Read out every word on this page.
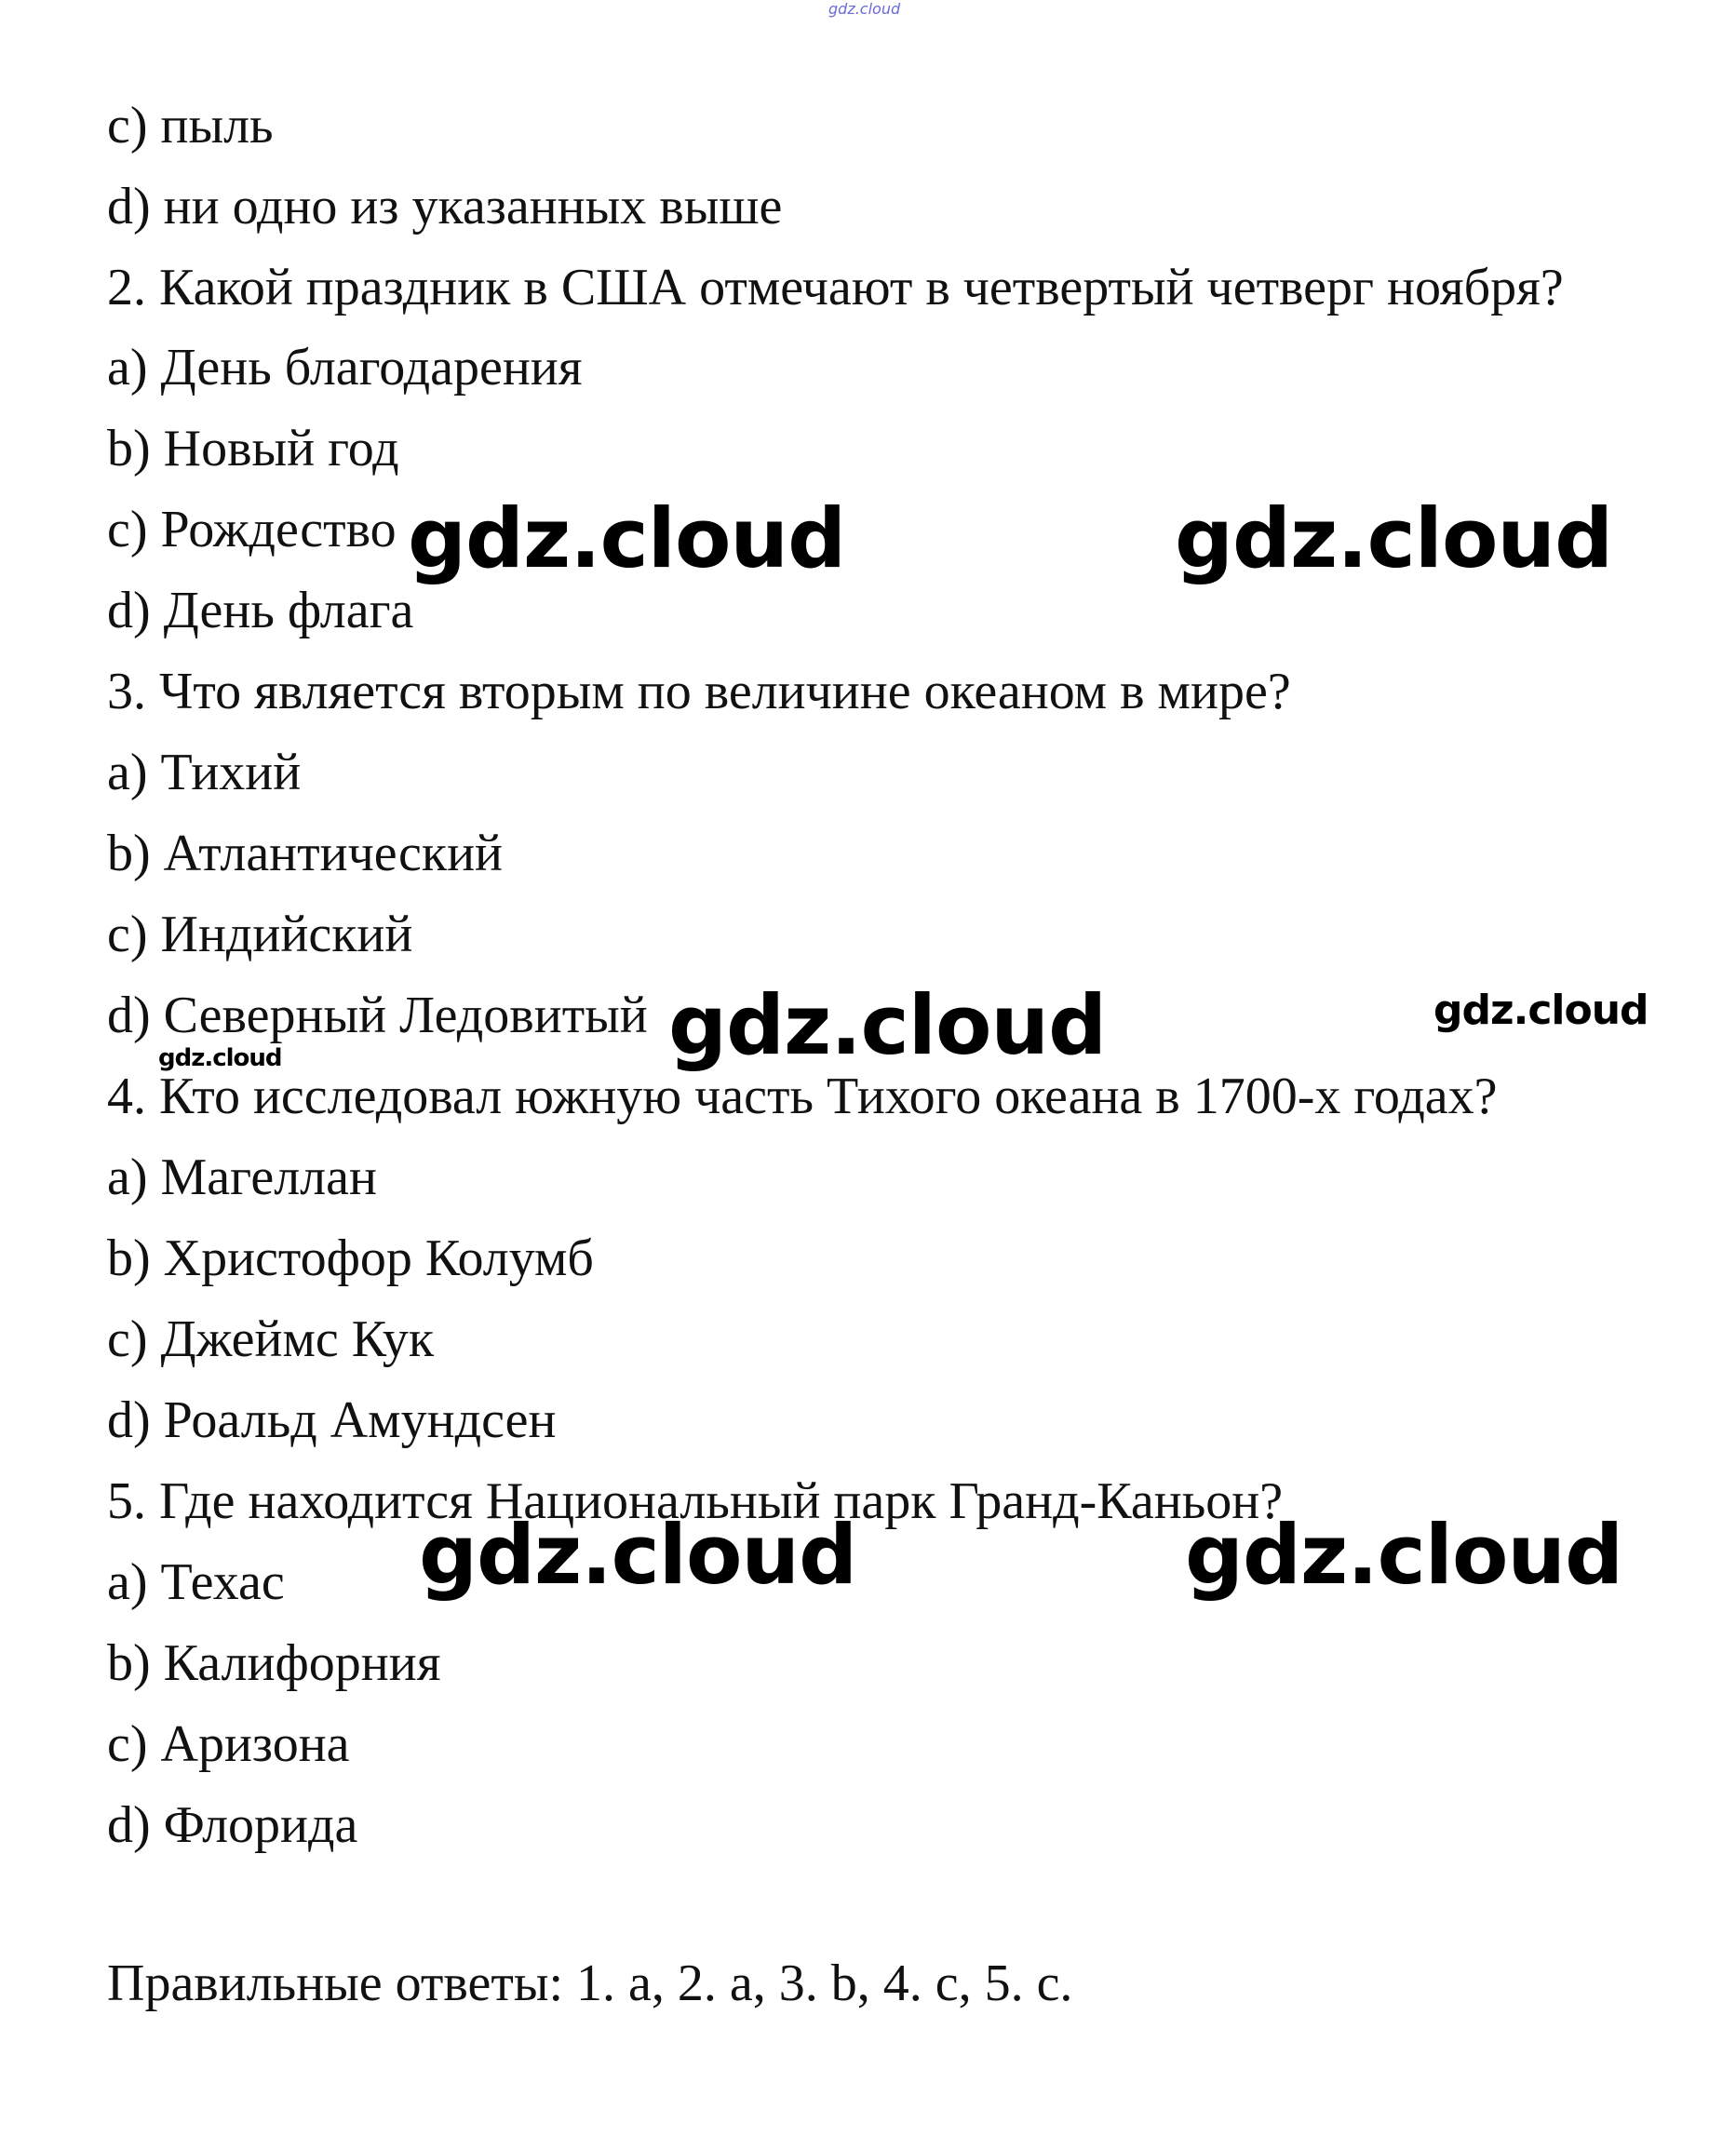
gdz.cloud
c) пыль
d) ни одно из указанных выше
2. Какой праздник в США отмечают в четвертый четверг ноября?
a) День благодарения
b) Новый год
c) Рождество
d) День флага
3. Что является вторым по величине океаном в мире?
a) Тихий
b) Атлантический
c) Индийский
d) Северный Ледовитый
4. Кто исследовал южную часть Тихого океана в 1700-х годах?
a) Магеллан
b) Христофор Колумб
c) Джеймс Кук
d) Роальд Амундсен
5. Где находится Национальный парк Гранд-Каньон?
a) Техас
b) Калифорния
c) Аризона
d) Флорида
Правильные ответы: 1. a, 2. a, 3. b, 4. c, 5. c.
gdz.cloud	gdz.cloud
gdz.cloud	gdz.cloud
gdz.cloud
gdz.cloud	gdz.cloud
